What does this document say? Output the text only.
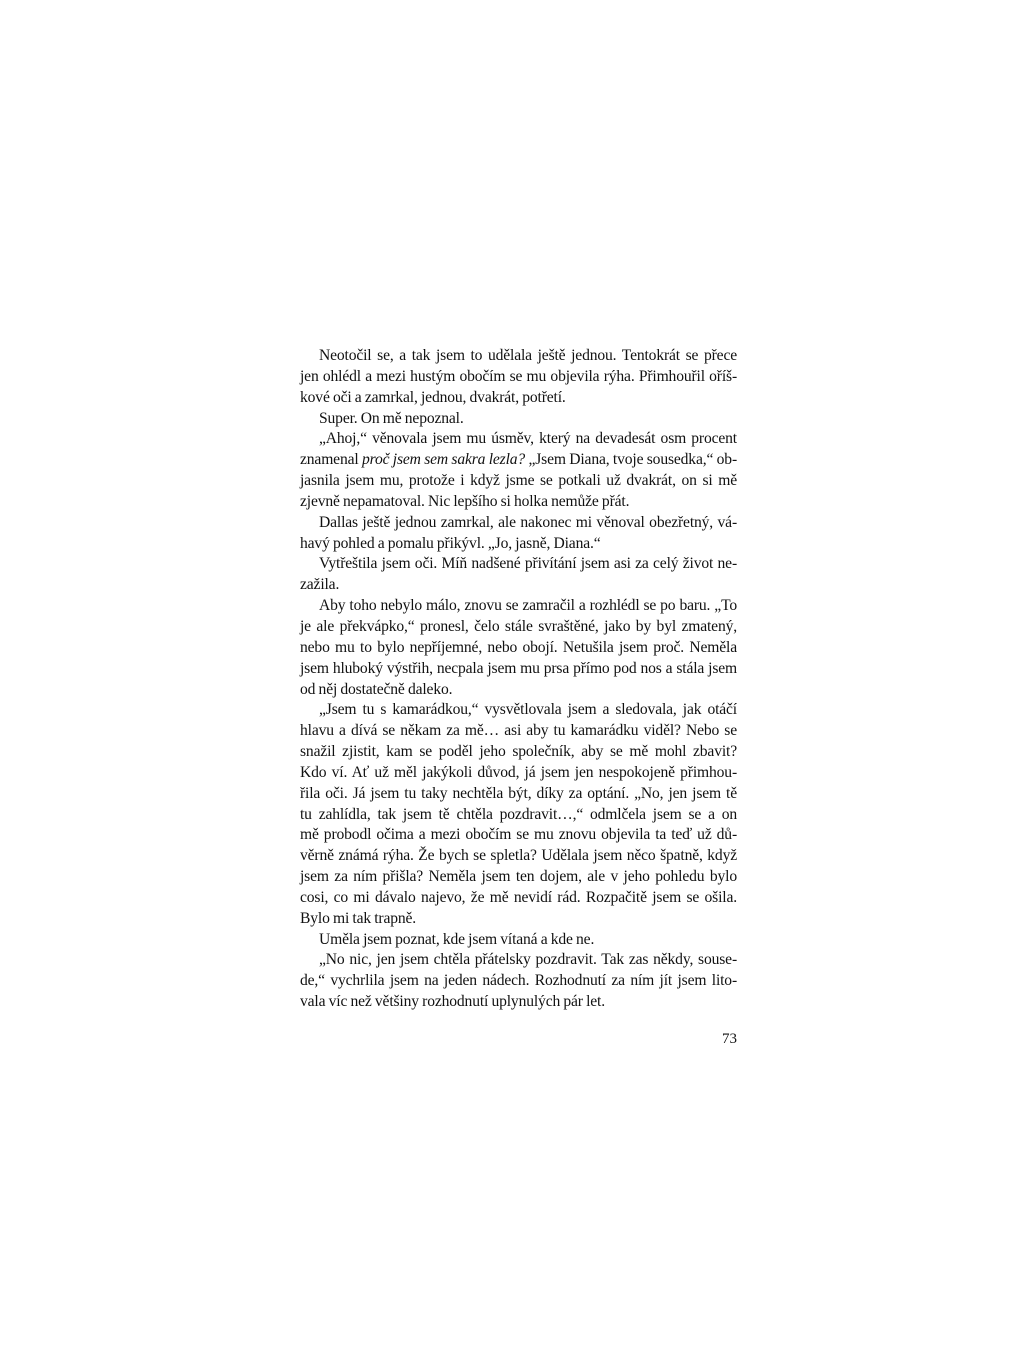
Neotočil se, a tak jsem to udělala ještě jednou. Tentokrát se přece
jen ohlédl a mezi hustým obočím se mu objevila rýha. Přimhouřil oříš-
kové oči a zamrkal, jednou, dvakrát, potřetí.
Super. On mě nepoznal.
„Ahoj,“ věnovala jsem mu úsměv, který na devadesát osm procent
znamenal proč jsem sem sakra lezla? „Jsem Diana, tvoje sousedka,“ ob-
jasnila jsem mu, protože i když jsme se potkali už dvakrát, on si mě
zjevně nepamatoval. Nic lepšího si holka nemůže přát.
Dallas ještě jednou zamrkal, ale nakonec mi věnoval obezřetný, vá-
havý pohled a pomalu přikývl. „Jo, jasně, Diana.“
Vytřeštila jsem oči. Míň nadšené přivítání jsem asi za celý život ne-
zažila.
Aby toho nebylo málo, znovu se zamračil a rozhlédl se po baru. „To
je ale překvápko,“ pronesl, čelo stále svraštěné, jako by byl zmatený,
nebo mu to bylo nepříjemné, nebo obojí. Netušila jsem proč. Neměla
jsem hluboký výstřih, necpala jsem mu prsa přímo pod nos a stála jsem
od něj dostatečně daleko.
„Jsem tu s kamarádkou,“ vysvětlovala jsem a sledovala, jak otáčí
hlavu a dívá se někam za mě… asi aby tu kamarádku viděl? Nebo se
snažil zjistit, kam se poděl jeho společník, aby se mě mohl zbavit?
Kdo ví. Ať už měl jakýkoli důvod, já jsem jen nespokojeně přimhou-
řila oči. Já jsem tu taky nechtěla být, díky za optání. „No, jen jsem tě
tu zahlídla, tak jsem tě chtěla pozdravit…,“ odmlčela jsem se a on
mě probodl očima a mezi obočím se mu znovu objevila ta teď už dů-
věrně známá rýha. Že bych se spletla? Udělala jsem něco špatně, když
jsem za ním přišla? Neměla jsem ten dojem, ale v jeho pohledu bylo
cosi, co mi dávalo najevo, že mě nevidí rád. Rozpačitě jsem se ošila.
Bylo mi tak trapně.
Uměla jsem poznat, kde jsem vítaná a kde ne.
„No nic, jen jsem chtěla přátelsky pozdravit. Tak zas někdy, souse-
de,“ vychrlila jsem na jeden nádech. Rozhodnutí za ním jít jsem lito-
vala víc než většiny rozhodnutí uplynulých pár let.
73
